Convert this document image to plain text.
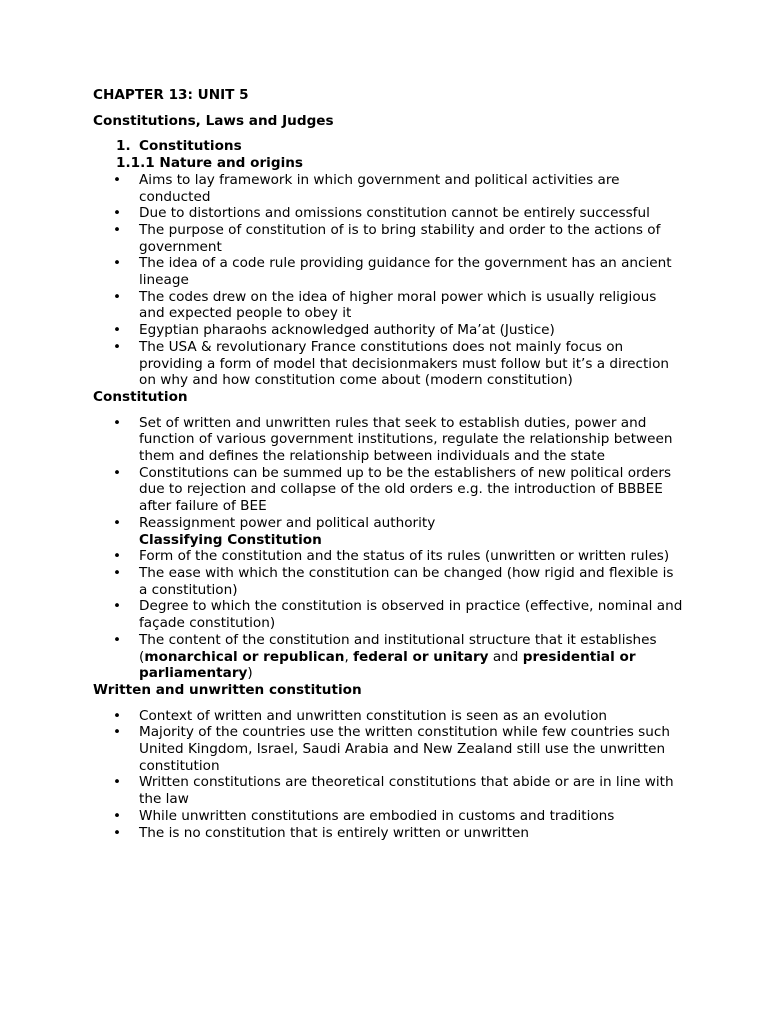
CHAPTER 13: UNIT 5
Constitutions, Laws and Judges
1. Constitutions
1.1.1 Nature and origins
• Aims to lay framework in which government and political activities are conducted
• Due to distortions and omissions constitution cannot be entirely successful
• The purpose of constitution of is to bring stability and order to the actions of government
• The idea of a code rule providing guidance for the government has an ancient lineage
• The codes drew on the idea of higher moral power which is usually religious and expected people to obey it
• Egyptian pharaohs acknowledged authority of Ma’at (Justice)
• The USA & revolutionary France constitutions does not mainly focus on providing a form of model that decisionmakers must follow but it’s a direction on why and how constitution come about (modern constitution)
Constitution
• Set of written and unwritten rules that seek to establish duties, power and function of various government institutions, regulate the relationship between them and defines the relationship between individuals and the state
• Constitutions can be summed up to be the establishers of new political orders due to rejection and collapse of the old orders e.g. the introduction of BBBEE after failure of BEE
• Reassignment power and political authority
Classifying Constitution
• Form of the constitution and the status of its rules (unwritten or written rules)
• The ease with which the constitution can be changed (how rigid and flexible is a constitution)
• Degree to which the constitution is observed in practice (effective, nominal and façade constitution)
• The content of the constitution and institutional structure that it establishes (monarchical or republican, federal or unitary and presidential or parliamentary)
Written and unwritten constitution
• Context of written and unwritten constitution is seen as an evolution
• Majority of the countries use the written constitution while few countries such United Kingdom, Israel, Saudi Arabia and New Zealand still use the unwritten constitution
• Written constitutions are theoretical constitutions that abide or are in line with the law
• While unwritten constitutions are embodied in customs and traditions
• The is no constitution that is entirely written or unwritten
